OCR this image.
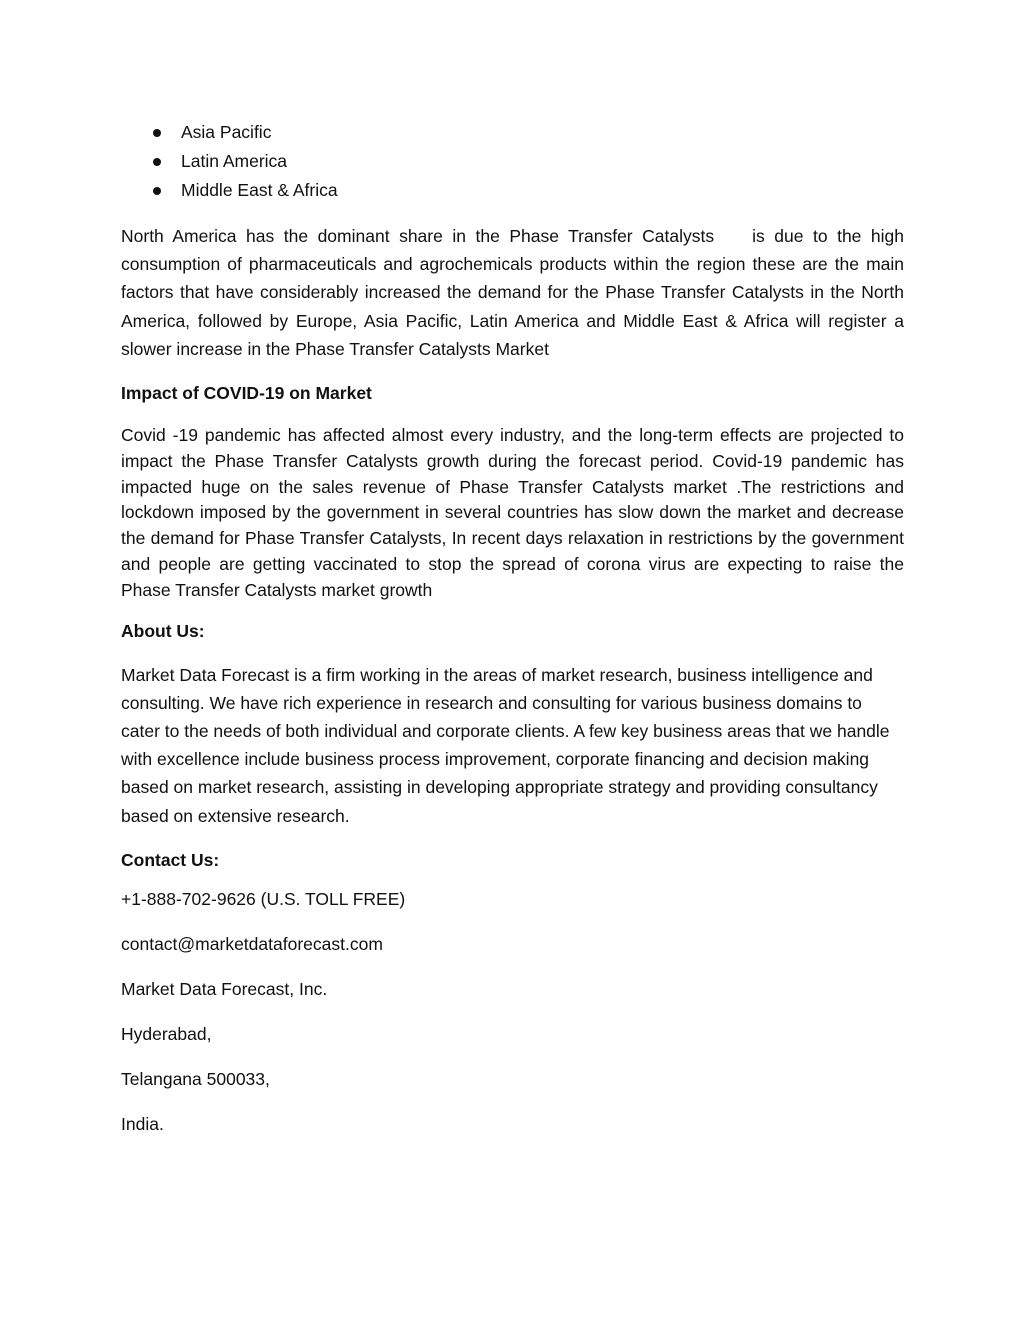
Asia Pacific
Latin America
Middle East & Africa

North America has the dominant share in the Phase Transfer Catalysts    is due to the high consumption of pharmaceuticals and agrochemicals products within the region these are the main factors that have considerably increased the demand for the Phase Transfer Catalysts in the North America, followed by Europe, Asia Pacific, Latin America and Middle East & Africa will register a slower increase in the Phase Transfer Catalysts Market

Impact of COVID-19 on Market

Covid -19 pandemic has affected almost every industry, and the long-term effects are projected to impact the Phase Transfer Catalysts growth during the forecast period. Covid-19 pandemic has impacted huge on the sales revenue of Phase Transfer Catalysts market .The restrictions and lockdown imposed by the government in several countries has slow down the market and decrease the demand for Phase Transfer Catalysts, In recent days relaxation in restrictions by the government and people are getting vaccinated to stop the spread of corona virus are expecting to raise the Phase Transfer Catalysts market growth

About Us:

Market Data Forecast is a firm working in the areas of market research, business intelligence and consulting. We have rich experience in research and consulting for various business domains to cater to the needs of both individual and corporate clients. A few key business areas that we handle with excellence include business process improvement, corporate financing and decision making based on market research, assisting in developing appropriate strategy and providing consultancy based on extensive research.

Contact Us:

+1-888-702-9626 (U.S. TOLL FREE)

contact@marketdataforecast.com

Market Data Forecast, Inc.

Hyderabad,

Telangana 500033,

India.
